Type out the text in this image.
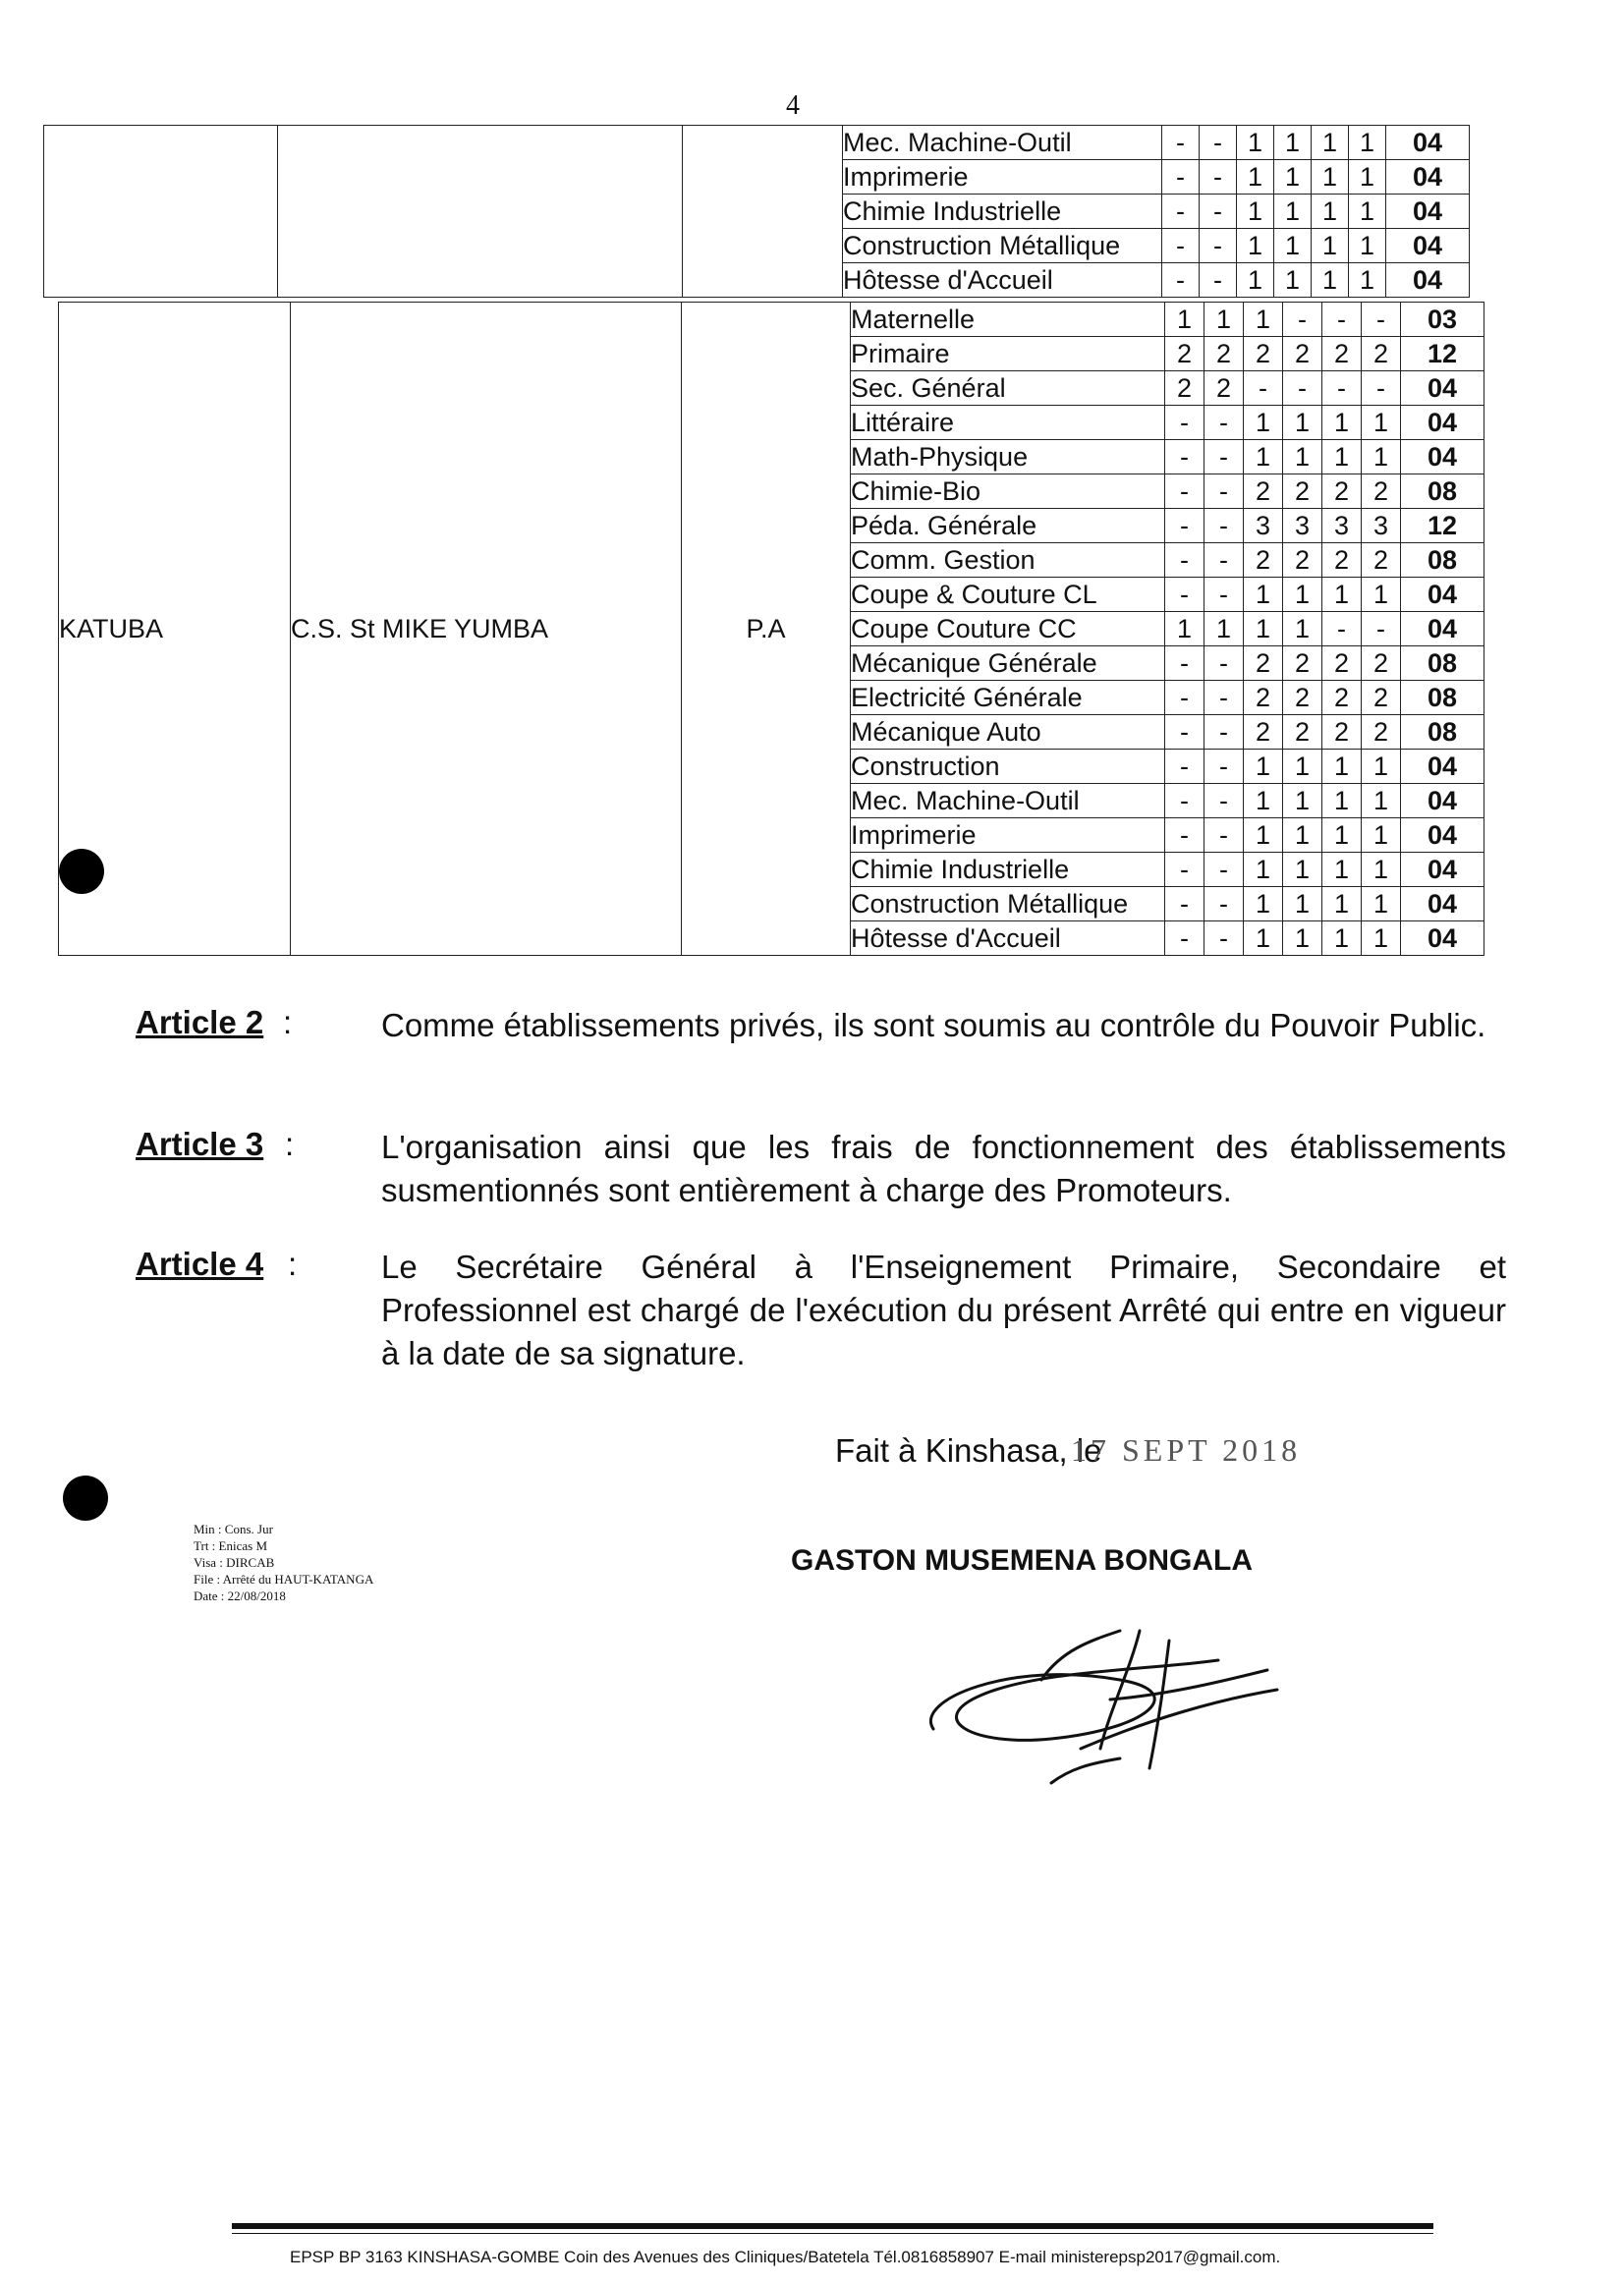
4
			Mec. Machine-Outil	-	-	1	1	1	1	04
			Imprimerie	-	-	1	1	1	1	04
			Chimie Industrielle	-	-	1	1	1	1	04
			Construction Métallique	-	-	1	1	1	1	04
			Hôtesse d'Accueil	-	-	1	1	1	1	04
KATUBA	C.S. St MIKE YUMBA	P.A	Maternelle	1	1	1	-	-	-	03
			Primaire	2	2	2	2	2	2	12
			Sec. Général	2	2	-	-	-	-	04
			Littéraire	-	-	1	1	1	1	04
			Math-Physique	-	-	1	1	1	1	04
			Chimie-Bio	-	-	2	2	2	2	08
			Péda. Générale	-	-	3	3	3	3	12
			Comm. Gestion	-	-	2	2	2	2	08
			Coupe & Couture CL	-	-	1	1	1	1	04
			Coupe Couture CC	1	1	1	1	-	-	04
			Mécanique Générale	-	-	2	2	2	2	08
			Electricité Générale	-	-	2	2	2	2	08
			Mécanique Auto	-	-	2	2	2	2	08
			Construction	-	-	1	1	1	1	04
			Mec. Machine-Outil	-	-	1	1	1	1	04
			Imprimerie	-	-	1	1	1	1	04
			Chimie Industrielle	-	-	1	1	1	1	04
			Construction Métallique	-	-	1	1	1	1	04
			Hôtesse d'Accueil	-	-	1	1	1	1	04
Article 2 :	Comme établissements privés, ils sont soumis au contrôle du Pouvoir Public.
Article 3 :	L'organisation ainsi que les frais de fonctionnement des établissements susmentionnés sont entièrement à charge des Promoteurs.
Article 4 :	Le Secrétaire Général à l'Enseignement Primaire, Secondaire et Professionnel est chargé de l'exécution du présent Arrêté qui entre en vigueur à la date de sa signature.
Fait à Kinshasa, le
17 SEPT 2018
Min : Cons. Jur
Trt : Enicas M
Visa : DIRCAB
File : Arrêté du HAUT-KATANGA
Date : 22/08/2018
GASTON MUSEMENA BONGALA
EPSP BP 3163 KINSHASA-GOMBE Coin des Avenues des Cliniques/Batetela Tél.0816858907 E-mail ministerepsp2017@gmail.com.
